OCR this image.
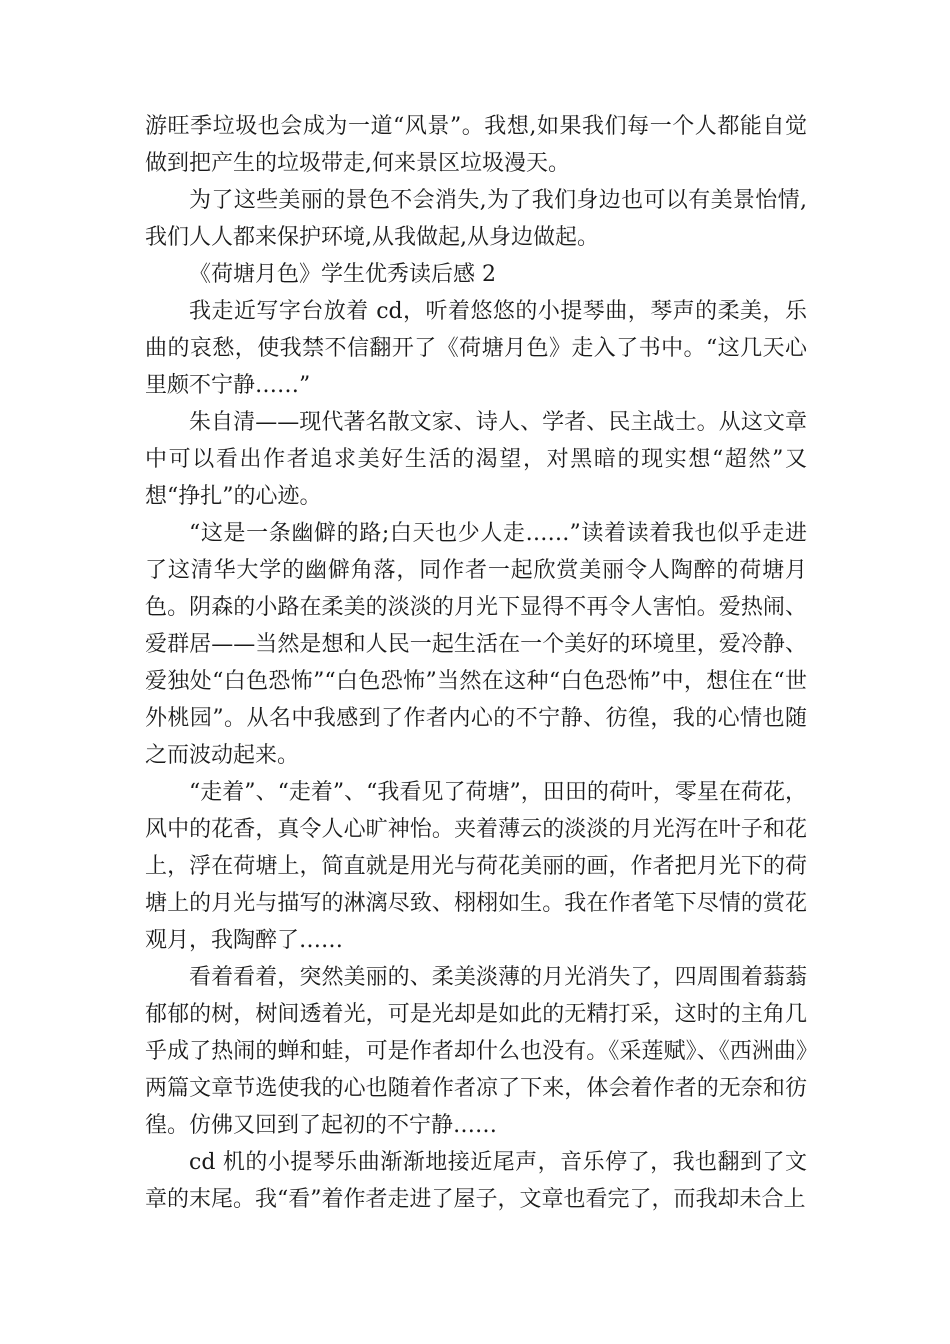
游旺季垃圾也会成为一道“风景”。我想,如果我们每一个人都能自觉做到把产生的垃圾带走,何来景区垃圾漫天。

为了这些美丽的景色不会消失,为了我们身边也可以有美景怡情,我们人人都来保护环境,从我做起,从身边做起。

《荷塘月色》学生优秀读后感 2

我走近写字台放着 cd，听着悠悠的小提琴曲，琴声的柔美，乐曲的哀愁，使我禁不信翻开了《荷塘月色》走入了书中。“这几天心里颇不宁静……”

朱自清——现代著名散文家、诗人、学者、民主战士。从这文章中可以看出作者追求美好生活的渴望，对黑暗的现实想“超然”又想“挣扎”的心迹。

“这是一条幽僻的路;白天也少人走……”读着读着我也似乎走进了这清华大学的幽僻角落，同作者一起欣赏美丽令人陶醉的荷塘月色。阴森的小路在柔美的淡淡的月光下显得不再令人害怕。爱热闹、爱群居——当然是想和人民一起生活在一个美好的环境里，爱冷静、爱独处“白色恐怖”“白色恐怖”当然在这种“白色恐怖”中，想住在“世外桃园”。从名中我感到了作者内心的不宁静、彷徨，我的心情也随之而波动起来。

“走着”、“走着”、“我看见了荷塘”，田田的荷叶，零星在荷花，风中的花香，真令人心旷神怡。夹着薄云的淡淡的月光泻在叶子和花上，浮在荷塘上，简直就是用光与荷花美丽的画，作者把月光下的荷塘上的月光与描写的淋漓尽致、栩栩如生。我在作者笔下尽情的赏花观月，我陶醉了……

看着看着，突然美丽的、柔美淡薄的月光消失了，四周围着蓊蓊郁郁的树，树间透着光，可是光却是如此的无精打采，这时的主角几乎成了热闹的蝉和蛙，可是作者却什么也没有。《采莲赋》、《西洲曲》两篇文章节选使我的心也随着作者凉了下来，体会着作者的无奈和彷徨。仿佛又回到了起初的不宁静……

cd 机的小提琴乐曲渐渐地接近尾声，音乐停了，我也翻到了文章的末尾。我“看”着作者走进了屋子，文章也看完了，而我却未合上
